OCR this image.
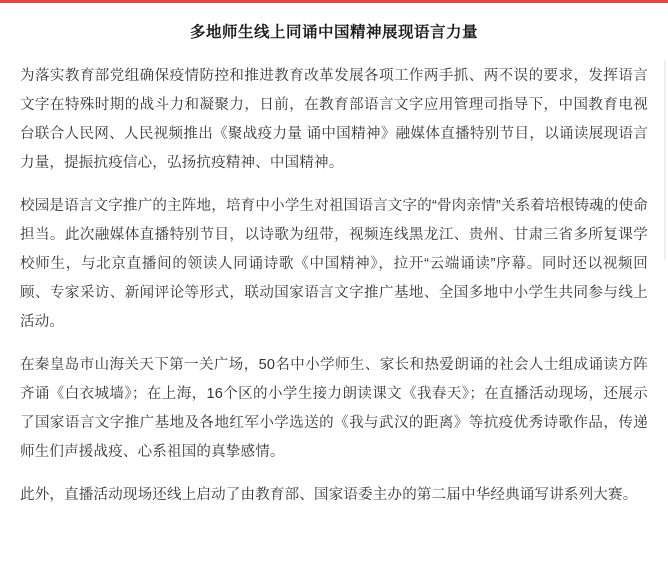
多地师生线上同诵中国精神展现语言力量

为落实教育部党组确保疫情防控和推进教育改革发展各项工作两手抓、两不误的要求，发挥语言文字在特殊时期的战斗力和凝聚力，日前，在教育部语言文字应用管理司指导下，中国教育电视台联合人民网、人民视频推出《聚战疫力量 诵中国精神》融媒体直播特别节目，以诵读展现语言力量，提振抗疫信心，弘扬抗疫精神、中国精神。

校园是语言文字推广的主阵地，培育中小学生对祖国语言文字的“骨肉亲情”关系着培根铸魂的使命担当。此次融媒体直播特别节目，以诗歌为纽带，视频连线黑龙江、贵州、甘肃三省多所复课学校师生，与北京直播间的领读人同诵诗歌《中国精神》，拉开“云端诵读”序幕。同时还以视频回顾、专家采访、新闻评论等形式，联动国家语言文字推广基地、全国多地中小学生共同参与线上活动。

在秦皇岛市山海关天下第一关广场，50名中小学师生、家长和热爱朗诵的社会人士组成诵读方阵齐诵《白衣城墙》；在上海，16个区的小学生接力朗读课文《我春天》；在直播活动现场，还展示了国家语言文字推广基地及各地红军小学选送的《我与武汉的距离》等抗疫优秀诗歌作品，传递师生们声援战疫、心系祖国的真挚感情。

此外，直播活动现场还线上启动了由教育部、国家语委主办的第二届中华经典诵写讲系列大赛。
